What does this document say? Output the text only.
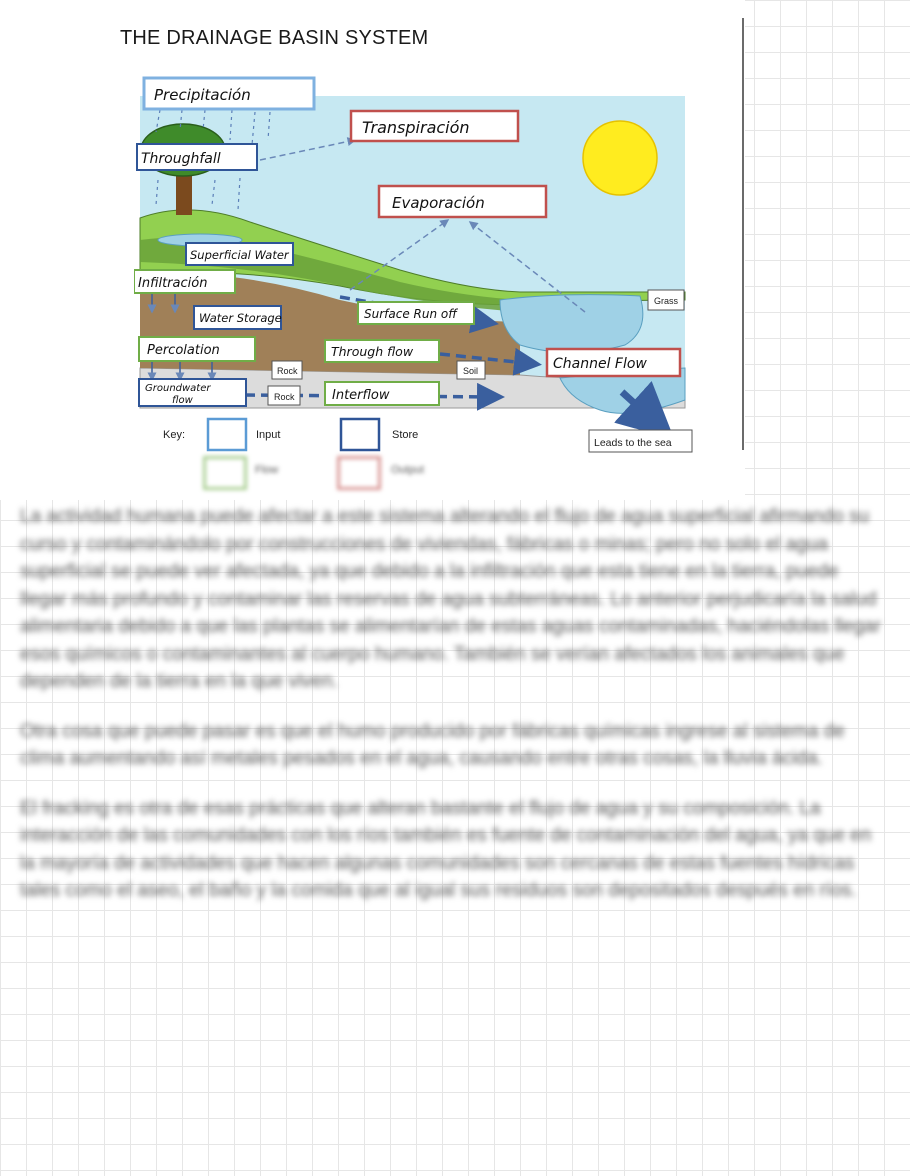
THE DRAINAGE BASIN SYSTEM
Precipitación
Transpiración
Throughfall
Evaporación
Superficial Water
Infiltración
Grass
Water Storage	Surface Run off
Percolation	Through flow
Channel Flow
Rock	Soil
Groundwater
flow	Rock	Interflow
Leads to the sea
Key:	Input	Store
Flow	Output

La actividad humana puede afectar a este sistema alterando el flujo de agua superficial afirmando su curso y contaminándolo por construcciones de viviendas, fábricas o minas; pero no solo el agua superficial se puede ver afectada, ya que debido a la infiltración que esta tiene en la tierra, puede llegar más profundo y contaminar las reservas de agua subterráneas. Lo anterior perjudicaría la salud alimentaria debido a que las plantas se alimentarían de estas aguas contaminadas, haciéndolas llegar esos químicos o contaminantes al cuerpo humano. También se verían afectados los animales que dependen de la tierra en la que viven.

Otra cosa que puede pasar es que el humo producido por fábricas químicas ingrese al sistema de clima aumentando así metales pesados en el agua, causando entre otras cosas, la lluvia ácida.

El fracking es otra de esas prácticas que alteran bastante el flujo de agua y su composición. La interacción de las comunidades con los ríos también es fuente de contaminación del agua, ya que en la mayoría de actividades que hacen algunas comunidades son cercanas de estas fuentes hídricas tales como el aseo, el baño y la comida que al igual sus residuos son depositados después en ríos.
